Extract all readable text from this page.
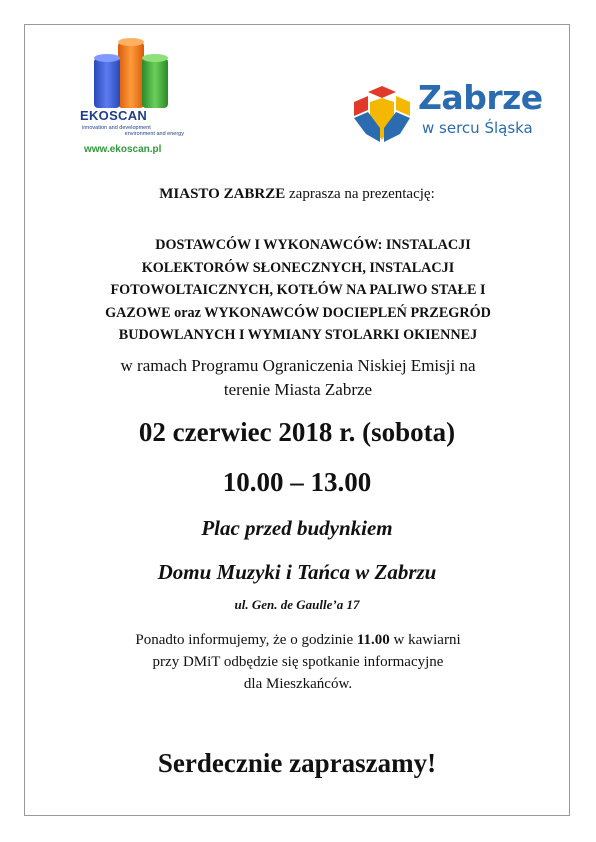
EKOSCAN
innovation and development
environment and energy
www.ekoscan.pl
Zabrze
w sercu Śląska
MIASTO ZABRZE zaprasza na prezentację:
DOSTAWCÓW I WYKONAWCÓW: INSTALACJI
KOLEKTORÓW SŁONECZNYCH, INSTALACJI
FOTOWOLTAICZNYCH, KOTŁÓW NA PALIWO STAŁE I
GAZOWE oraz WYKONAWCÓW DOCIEPLEŃ PRZEGRÓD
BUDOWLANYCH I WYMIANY STOLARKI OKIENNEJ
w ramach Programu Ograniczenia Niskiej Emisji na
terenie Miasta Zabrze
02 czerwiec 2018 r. (sobota)
10.00 – 13.00
Plac przed budynkiem
Domu Muzyki i Tańca w Zabrzu
ul. Gen. de Gaulle’a 17
Ponadto informujemy, że o godzinie 11.00 w kawiarni
przy DMiT odbędzie się spotkanie informacyjne
dla Mieszkańców.
Serdecznie zapraszamy!
